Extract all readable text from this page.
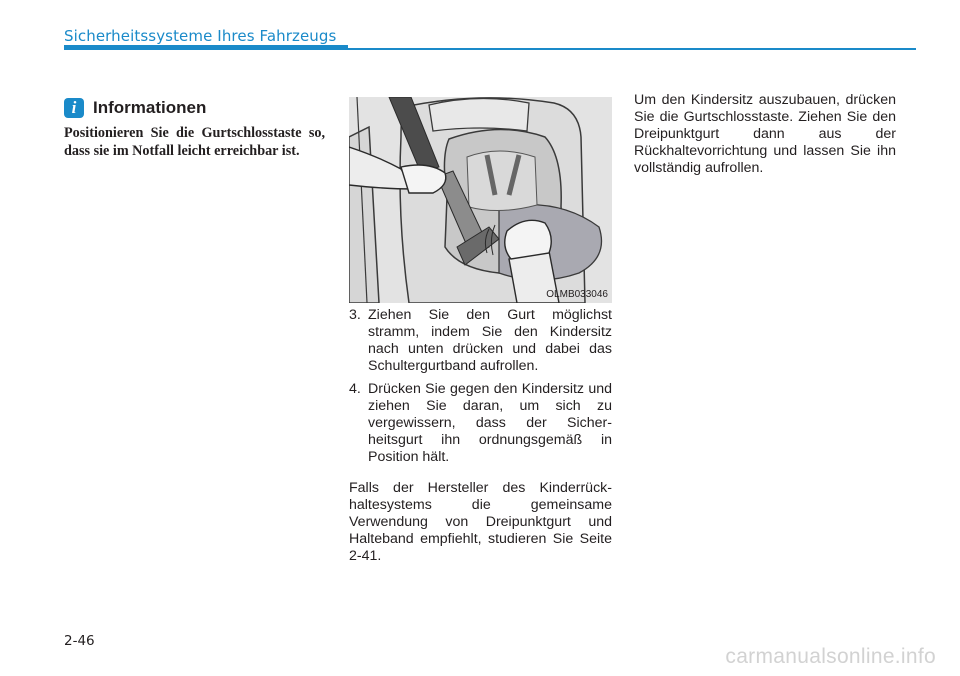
Sicherheitssysteme Ihres Fahrzeugs
i Informationen
Positionieren Sie die Gurtschlosstaste so, dass sie im Notfall leicht erreichbar ist.
OLMB033046
3. Ziehen Sie den Gurt möglichst stramm, indem Sie den Kindersitz nach unten drücken und dabei das Schultergurtband aufrollen.
4. Drücken Sie gegen den Kindersitz und ziehen Sie daran, um sich zu vergewissern, dass der Sicher-heitsgurt ihn ordnungsgemäß in Position hält.
Falls der Hersteller des Kinderrück-haltesystems die gemeinsame Verwendung von Dreipunktgurt und Halteband empfiehlt, studieren Sie Seite 2-41.
Um den Kindersitz auszubauen, drücken Sie die Gurtschlosstaste. Ziehen Sie den Dreipunktgurt dann aus der Rückhaltevorrichtung und lassen Sie ihn vollständig aufrollen.
2-46
carmanualsonline.info
